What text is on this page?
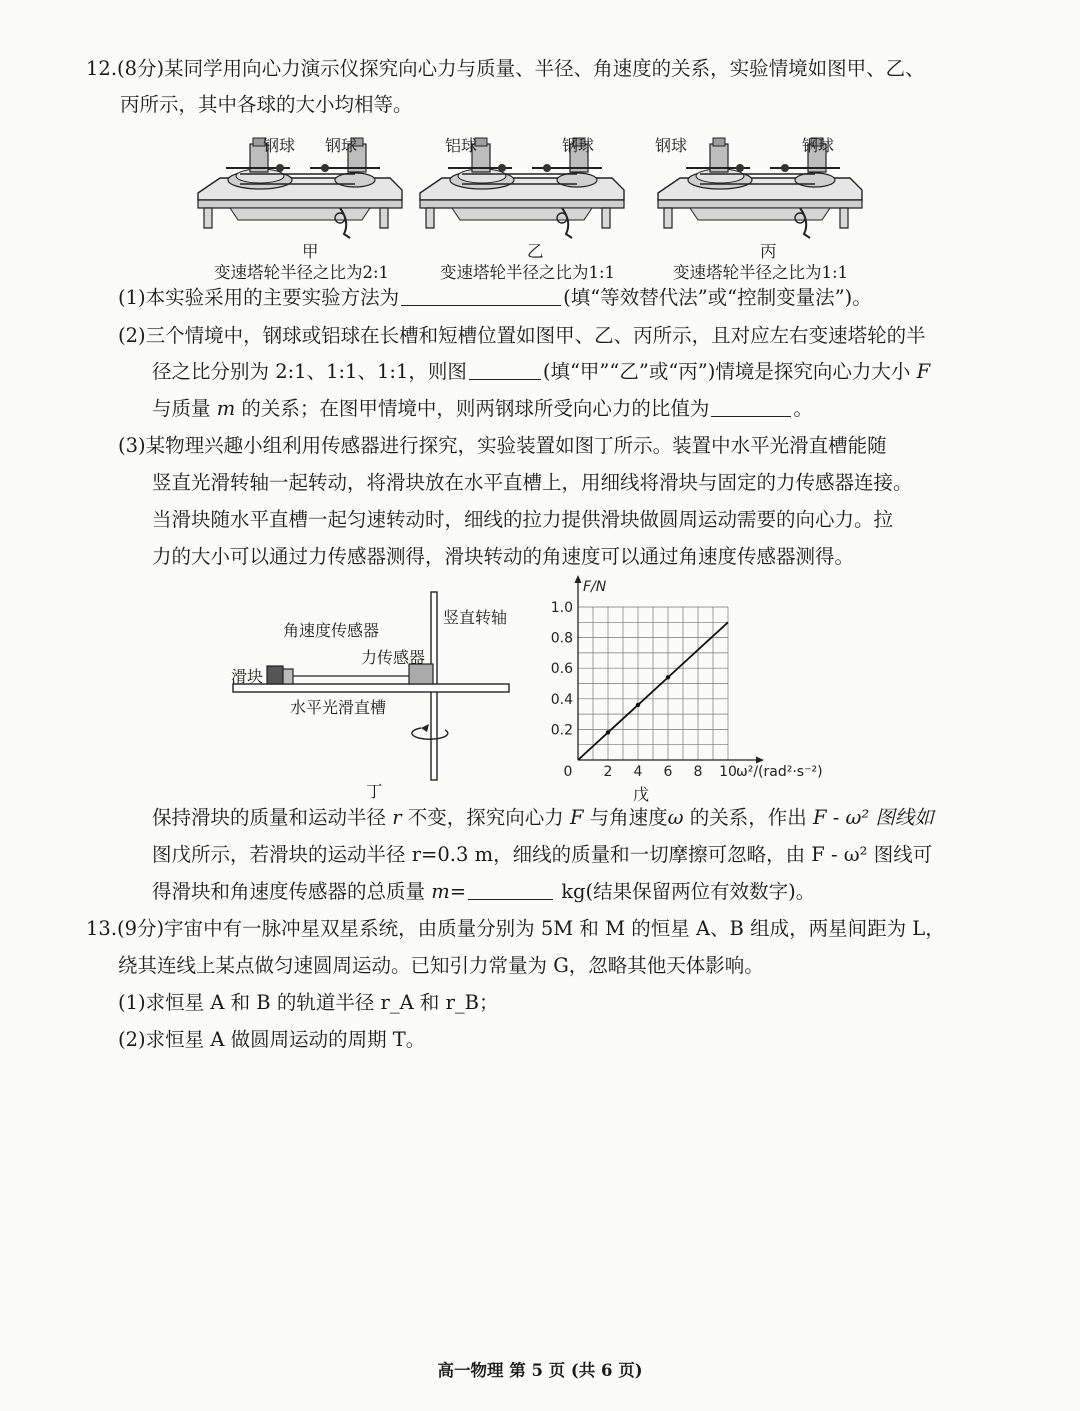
12.(8分)某同学用向心力演示仪探究向心力与质量、半径、角速度的关系，实验情境如图甲、乙、
丙所示，其中各球的大小均相等。
钢球 钢球	铝球	钢球	钢球	钢球
甲	乙	丙
变速塔轮半径之比为2:1	变速塔轮半径之比为1:1	变速塔轮半径之比为1:1
(1)本实验采用的主要实验方法为	(填“等效替代法”或“控制变量法”)。
(2)三个情境中，钢球或铝球在长槽和短槽位置如图甲、乙、丙所示，且对应左右变速塔轮的半
径之比分别为 2:1、1:1、1:1，则图	(填“甲”“乙”或“丙”)情境是探究向心力大小 F
与质量 m 的关系；在图甲情境中，则两钢球所受向心力的比值为	。
(3)某物理兴趣小组利用传感器进行探究，实验装置如图丁所示。装置中水平光滑直槽能随
竖直光滑转轴一起转动，将滑块放在水平直槽上，用细线将滑块与固定的力传感器连接。
当滑块随水平直槽一起匀速转动时，细线的拉力提供滑块做圆周运动需要的向心力。拉
力的大小可以通过力传感器测得，滑块转动的角速度可以通过角速度传感器测得。
竖直转轴
角速度传感器
力传感器
滑块
水平光滑直槽
丁
0 2 4 6 8 10
0.2
0.4
0.6
0.8
1.0
ω²/(rad²·s⁻²)
F/N
戊
保持滑块的质量和运动半径 r 不变，探究向心力 F 与角速度ω 的关系，作出 F - ω² 图线如
图戊所示，若滑块的运动半径 r=0.3 m，细线的质量和一切摩擦可忽略，由 F - ω² 图线可
得滑块和角速度传感器的总质量 m=	kg(结果保留两位有效数字)。
13.(9分)宇宙中有一脉冲星双星系统，由质量分别为 5M 和 M 的恒星 A、B 组成，两星间距为 L，
绕其连线上某点做匀速圆周运动。已知引力常量为 G，忽略其他天体影响。
(1)求恒星 A 和 B 的轨道半径 r_A 和 r_B；
(2)求恒星 A 做圆周运动的周期 T。
高一物理 第 5 页 (共 6 页)
